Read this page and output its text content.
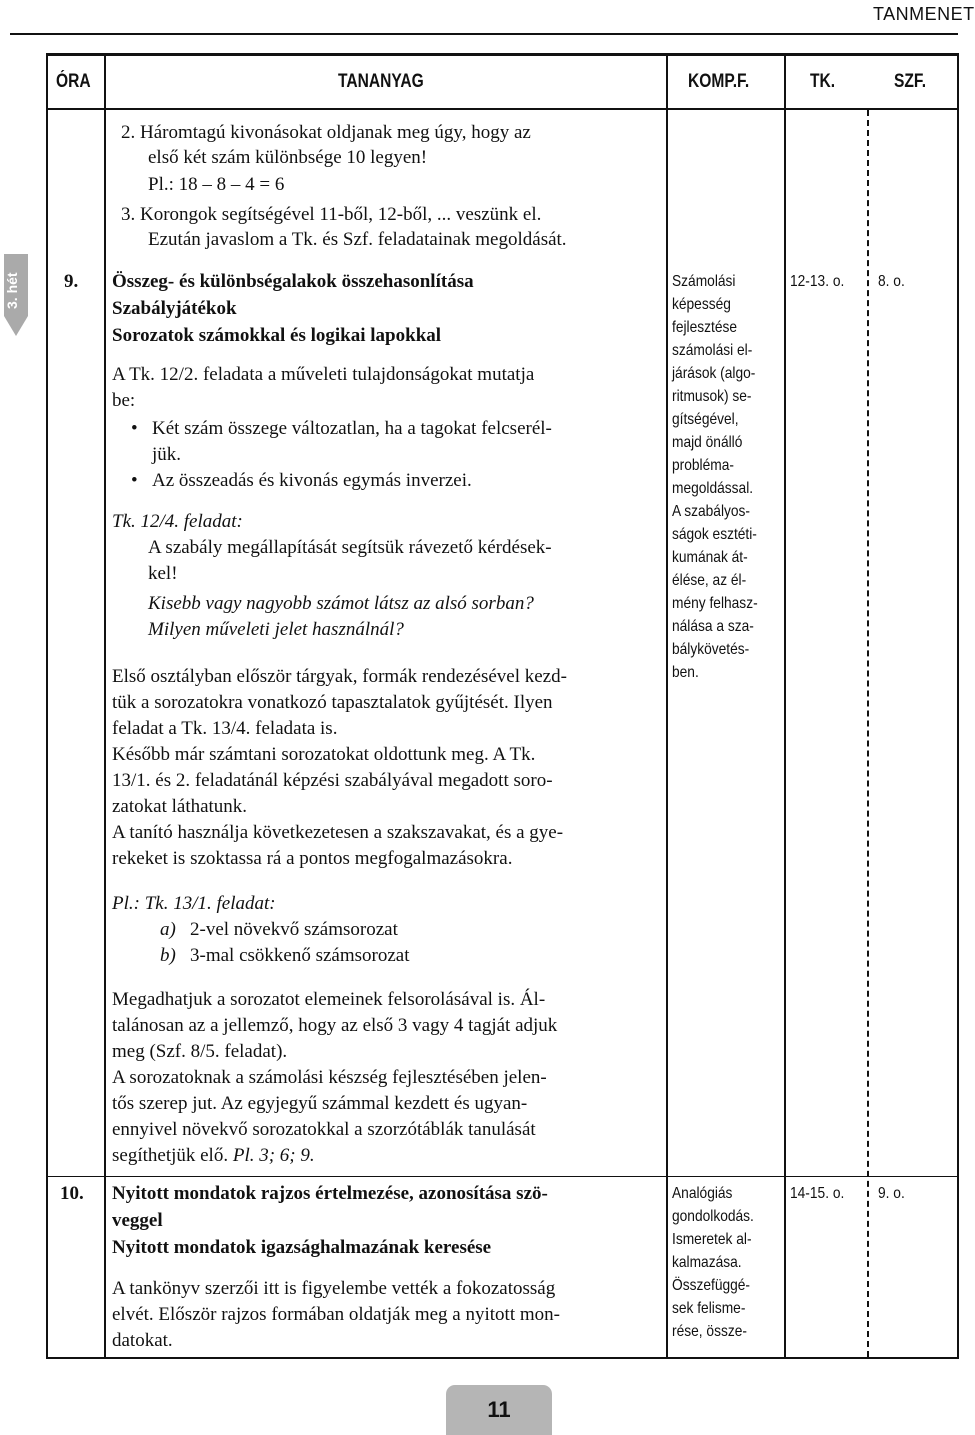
TANMENET
ÓRA	TANANYAG	KOMP.F.	TK.	SZF.
3. hét
2. Háromtagú kivonásokat oldjanak meg úgy, hogy az
első két szám különbsége 10 legyen!
Pl.: 18 – 8 – 4 = 6
3. Korongok segítségével 11-ből, 12-ből, ... veszünk el.
Ezután javaslom a Tk. és Szf. feladatainak megoldását.
9. Összeg- és különbségalakok összehasonlítása
Szabályjátékok
Sorozatok számokkal és logikai lapokkal
A Tk. 12/2. feladata a műveleti tulajdonságokat mutatja
be:
• Két szám összege változatlan, ha a tagokat felcserél-
jük.
• Az összeadás és kivonás egymás inverzei.
Tk. 12/4. feladat:
A szabály megállapítását segítsük rávezető kérdések-
kel!
Kisebb vagy nagyobb számot látsz az alsó sorban?
Milyen műveleti jelet használnál?
Első osztályban először tárgyak, formák rendezésével kezd-
tük a sorozatokra vonatkozó tapasztalatok gyűjtését. Ilyen
feladat a Tk. 13/4. feladata is.
Később már számtani sorozatokat oldottunk meg. A Tk.
13/1. és 2. feladatánál képzési szabályával megadott soro-
zatokat láthatunk.
A tanító használja következetesen a szakszavakat, és a gye-
rekeket is szoktassa rá a pontos megfogalmazásokra.
Pl.: Tk. 13/1. feladat:
a) 2-vel növekvő számsorozat
b) 3-mal csökkenő számsorozat
Megadhatjuk a sorozatot elemeinek felsorolásával is. Ál-
talánosan az a jellemző, hogy az első 3 vagy 4 tagját adjuk
meg (Szf. 8/5. feladat).
A sorozatoknak a számolási készség fejlesztésében jelen-
tős szerep jut. Az egyjegyű számmal kezdett és ugyan-
ennyivel növekvő sorozatokkal a szorzótáblák tanulását
segíthetjük elő. Pl. 3; 6; 9.
Számolási
képesség
fejlesztése
számolási el-
járások (algo-
ritmusok) se-
gítségével,
majd önálló
probléma-
megoldással.
A szabályos-
ságok esztéti-
kumának át-
élése, az él-
mény felhasz-
nálása a sza-
bálykövetés-
ben.
12-13. o. 8. o.
10. Nyitott mondatok rajzos értelmezése, azonosítása szö-
veggel
Nyitott mondatok igazsághalmazának keresése
A tankönyv szerzői itt is figyelembe vették a fokozatosság
elvét. Először rajzos formában oldatják meg a nyitott mon-
datokat.
Analógiás
gondolkodás.
Ismeretek al-
kalmazása.
Összefüggé-
sek felisme-
rése, össze-
14-15. o. 9. o.
11
